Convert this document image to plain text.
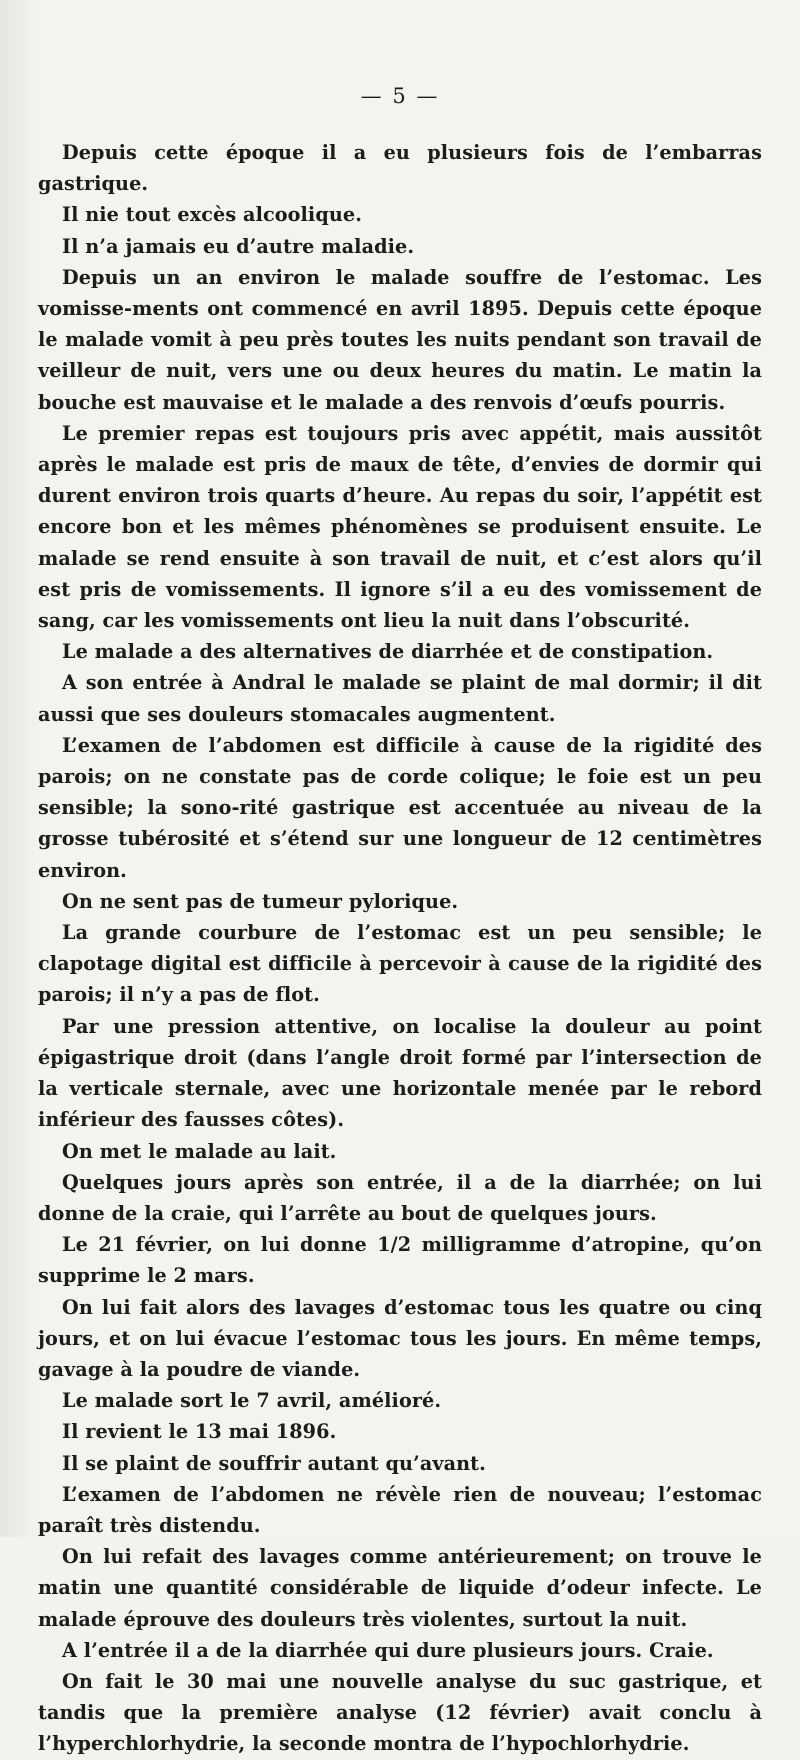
— 5 —

Depuis cette époque il a eu plusieurs fois de l’embarras gastrique.

Il nie tout excès alcoolique.

Il n’a jamais eu d’autre maladie.

Depuis un an environ le malade souffre de l’estomac. Les vomisse-ments ont commencé en avril 1895. Depuis cette époque le malade vomit à peu près toutes les nuits pendant son travail de veilleur de nuit, vers une ou deux heures du matin. Le matin la bouche est mauvaise et le malade a des renvois d’œufs pourris.

Le premier repas est toujours pris avec appétit, mais aussitôt après le malade est pris de maux de tête, d’envies de dormir qui durent environ trois quarts d’heure. Au repas du soir, l’appétit est encore bon et les mêmes phénomènes se produisent ensuite. Le malade se rend ensuite à son travail de nuit, et c’est alors qu’il est pris de vomissements. Il ignore s’il a eu des vomissement de sang, car les vomissements ont lieu la nuit dans l’obscurité.

Le malade a des alternatives de diarrhée et de constipation.

A son entrée à Andral le malade se plaint de mal dormir; il dit aussi que ses douleurs stomacales augmentent.

L’examen de l’abdomen est difficile à cause de la rigidité des parois; on ne constate pas de corde colique; le foie est un peu sensible; la sono-rité gastrique est accentuée au niveau de la grosse tubérosité et s’étend sur une longueur de 12 centimètres environ.

On ne sent pas de tumeur pylorique.

La grande courbure de l’estomac est un peu sensible; le clapotage digital est difficile à percevoir à cause de la rigidité des parois; il n’y a pas de flot.

Par une pression attentive, on localise la douleur au point épigastrique droit (dans l’angle droit formé par l’intersection de la verticale sternale, avec une horizontale menée par le rebord inférieur des fausses côtes).

On met le malade au lait.

Quelques jours après son entrée, il a de la diarrhée; on lui donne de la craie, qui l’arrête au bout de quelques jours.

Le 21 février, on lui donne 1/2 milligramme d’atropine, qu’on supprime le 2 mars.

On lui fait alors des lavages d’estomac tous les quatre ou cinq jours, et on lui évacue l’estomac tous les jours. En même temps, gavage à la poudre de viande.

Le malade sort le 7 avril, amélioré.

Il revient le 13 mai 1896.

Il se plaint de souffrir autant qu’avant.

L’examen de l’abdomen ne révèle rien de nouveau; l’estomac paraît très distendu.

On lui refait des lavages comme antérieurement; on trouve le matin une quantité considérable de liquide d’odeur infecte. Le malade éprouve des douleurs très violentes, surtout la nuit.

A l’entrée il a de la diarrhée qui dure plusieurs jours. Craie.

On fait le 30 mai une nouvelle analyse du suc gastrique, et tandis que la première analyse (12 février) avait conclu à l’hyperchlorhydrie, la seconde montra de l’hypochlorhydrie.
